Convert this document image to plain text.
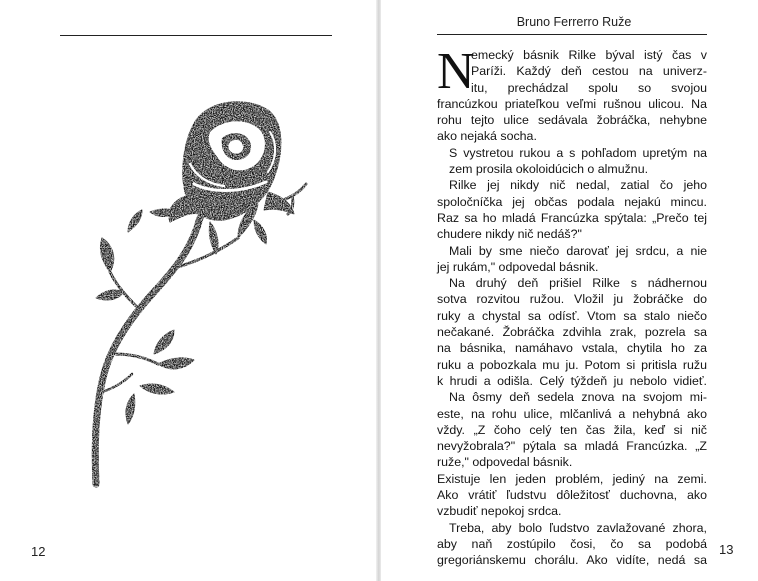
12
Bruno Ferrerro Ruže
N
emecký básnik Rilke býval istý čas v
Paríži. Každý deň cestou na univerz-
itu, prechádzal spolu so svojou
francúzkou priateľkou veľmi rušnou ulicou. Na
rohu tejto ulice sedávala žobráčka, nehybne
ako nejaká socha.
S vystretou rukou a s pohľadom upretým na
zem prosila okoloidúcich o almužnu.
Rilke jej nikdy nič nedal, zatial čo jeho
spoločníčka jej občas podala nejakú mincu.
Raz sa ho mladá Francúzka spýtala: „Prečo tej
chudere nikdy nič nedáš?"
Mali by sme niečo darovať jej srdcu, a nie
jej rukám," odpovedal básnik.
Na druhý deň prišiel Rilke s nádhernou
sotva rozvitou ružou. Vložil ju žobráčke do
ruky a chystal sa odísť. Vtom sa stalo niečo
nečakané. Žobráčka zdvihla zrak, pozrela sa
na básnika, namáhavo vstala, chytila ho za
ruku a pobozkala mu ju. Potom si pritisla ružu
k hrudi a odišla. Celý týždeň ju nebolo vidieť.
Na ôsmy deň sedela znova na svojom mi-
este, na rohu ulice, mlčanlivá a nehybná ako
vždy. „Z čoho celý ten čas žila, keď si nič
nevyžobrala?" pýtala sa mladá Francúzka. „Z
ruže," odpovedal básnik.
Existuje len jeden problém, jediný na zemi.
Ako vrátiť ľudstvu dôležitosť duchovna, ako
vzbudiť nepokoj srdca.
Treba, aby bolo ľudstvo zavlažované zhora,
aby naň zostúpilo čosi, čo sa podobá
gregoriánskemu chorálu. Ako vidíte, nedá sa
13
